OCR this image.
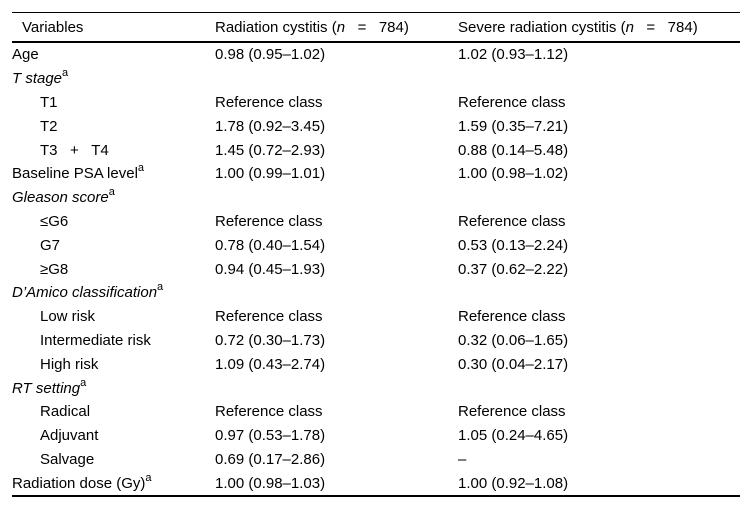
Variables	Radiation cystitis (n   =   784)	Severe radiation cystitis (n   =   784)
Age	0.98 (0.95–1.02)	1.02 (0.93–1.12)
T stage$^a$		
T1	Reference class	Reference class
T2	1.78 (0.92–3.45)	1.59 (0.35–7.21)
T3   +   T4	1.45 (0.72–2.93)	0.88 (0.14–5.48)
Baseline PSA level$^a$	1.00 (0.99–1.01)	1.00 (0.98–1.02)
Gleason score$^a$		
≤G6	Reference class	Reference class
G7	0.78 (0.40–1.54)	0.53 (0.13–2.24)
≥G8	0.94 (0.45–1.93)	0.37 (0.62–2.22)
D’Amico classification$^a$		
Low risk	Reference class	Reference class
Intermediate risk	0.72 (0.30–1.73)	0.32 (0.06–1.65)
High risk	1.09 (0.43–2.74)	0.30 (0.04–2.17)
RT setting$^a$		
Radical	Reference class	Reference class
Adjuvant	0.97 (0.53–1.78)	1.05 (0.24–4.65)
Salvage	0.69 (0.17–2.86)	–
Radiation dose (Gy)$^a$	1.00 (0.98–1.03)	1.00 (0.92–1.08)
